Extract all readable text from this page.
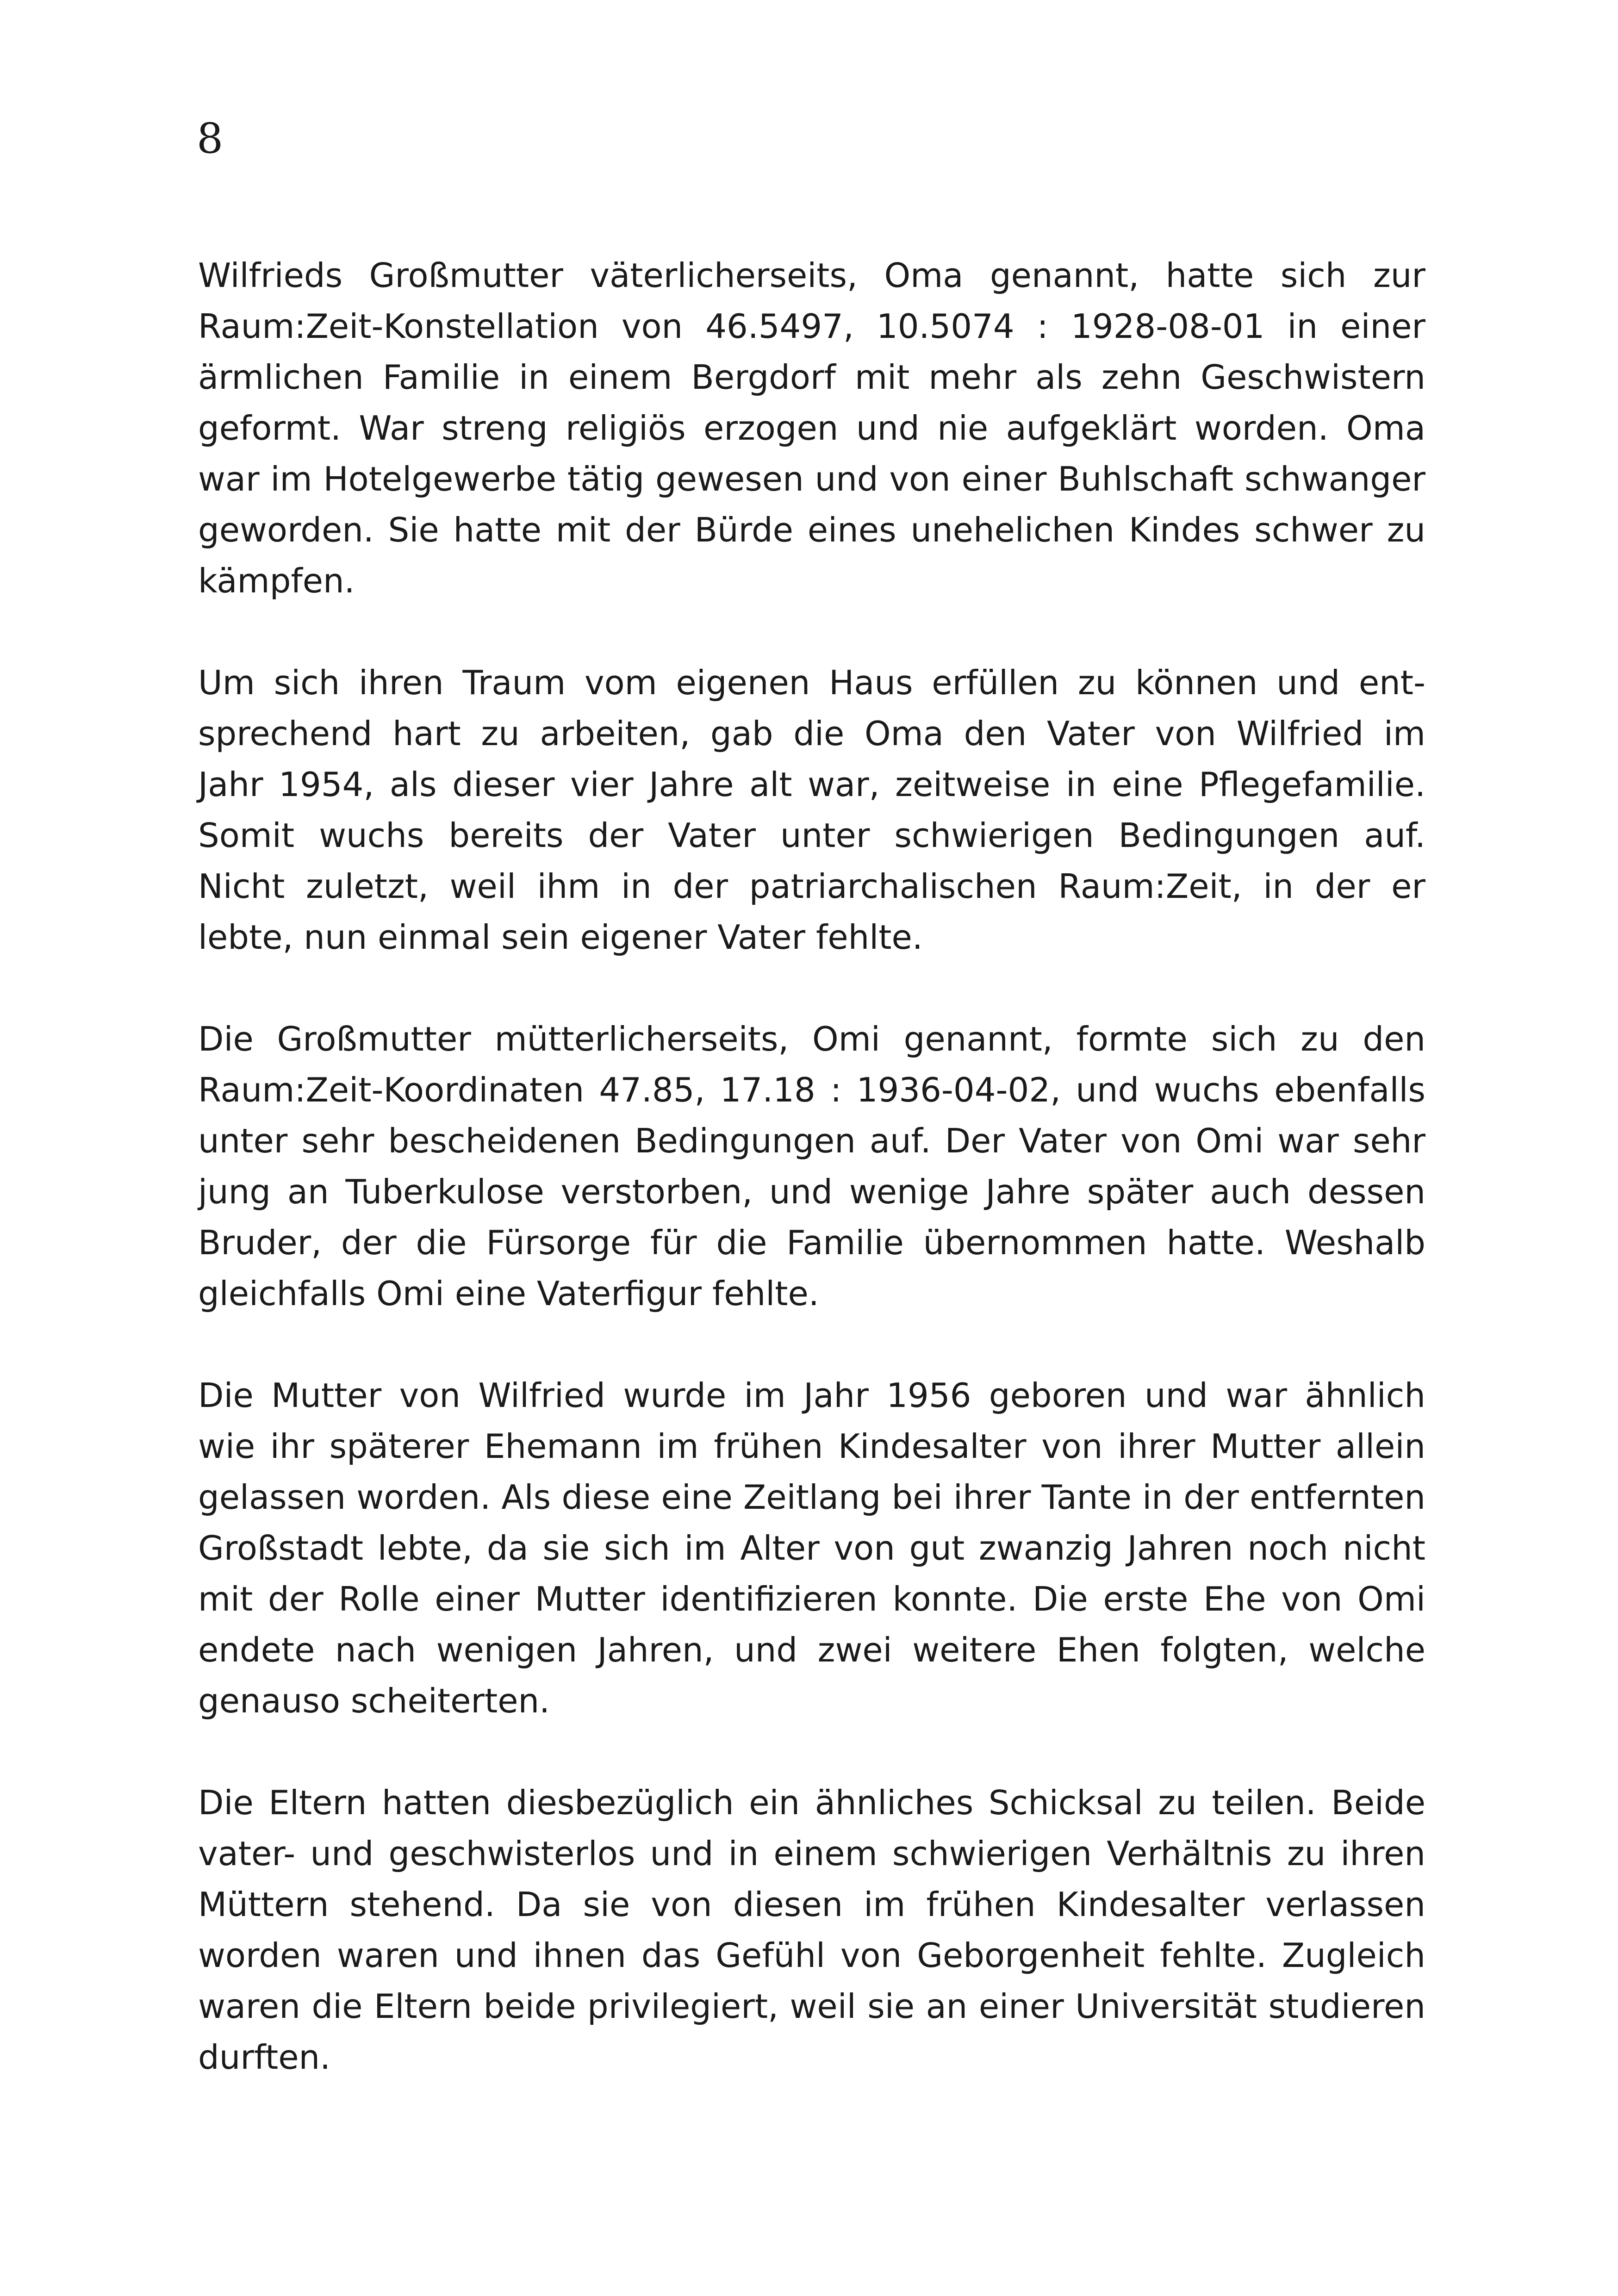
8
Wilfrieds Großmutter väterlicherseits, Oma genannt, hatte sich zur
Raum:Zeit-Konstellation von 46.5497, 10.5074 : 1928-08-01 in einer
ärmlichen Familie in einem Bergdorf mit mehr als zehn Geschwistern
geformt. War streng religiös erzogen und nie aufgeklärt worden. Oma
war im Hotelgewerbe tätig gewesen und von einer Buhlschaft schwanger
geworden. Sie hatte mit der Bürde eines unehelichen Kindes schwer zu
kämpfen.
Um sich ihren Traum vom eigenen Haus erfüllen zu können und ent-
sprechend hart zu arbeiten, gab die Oma den Vater von Wilfried im
Jahr 1954, als dieser vier Jahre alt war, zeitweise in eine Pflegefamilie.
Somit wuchs bereits der Vater unter schwierigen Bedingungen auf.
Nicht zuletzt, weil ihm in der patriarchalischen Raum:Zeit, in der er
lebte, nun einmal sein eigener Vater fehlte.
Die Großmutter mütterlicherseits, Omi genannt, formte sich zu den
Raum:Zeit-Koordinaten 47.85, 17.18 : 1936-04-02, und wuchs ebenfalls
unter sehr bescheidenen Bedingungen auf. Der Vater von Omi war sehr
jung an Tuberkulose verstorben, und wenige Jahre später auch dessen
Bruder, der die Fürsorge für die Familie übernommen hatte. Weshalb
gleichfalls Omi eine Vaterfigur fehlte.
Die Mutter von Wilfried wurde im Jahr 1956 geboren und war ähnlich
wie ihr späterer Ehemann im frühen Kindesalter von ihrer Mutter allein
gelassen worden. Als diese eine Zeitlang bei ihrer Tante in der entfernten
Großstadt lebte, da sie sich im Alter von gut zwanzig Jahren noch nicht
mit der Rolle einer Mutter identifizieren konnte. Die erste Ehe von Omi
endete nach wenigen Jahren, und zwei weitere Ehen folgten, welche
genauso scheiterten.
Die Eltern hatten diesbezüglich ein ähnliches Schicksal zu teilen. Beide
vater- und geschwisterlos und in einem schwierigen Verhältnis zu ihren
Müttern stehend. Da sie von diesen im frühen Kindesalter verlassen
worden waren und ihnen das Gefühl von Geborgenheit fehlte. Zugleich
waren die Eltern beide privilegiert, weil sie an einer Universität studieren
durften.
